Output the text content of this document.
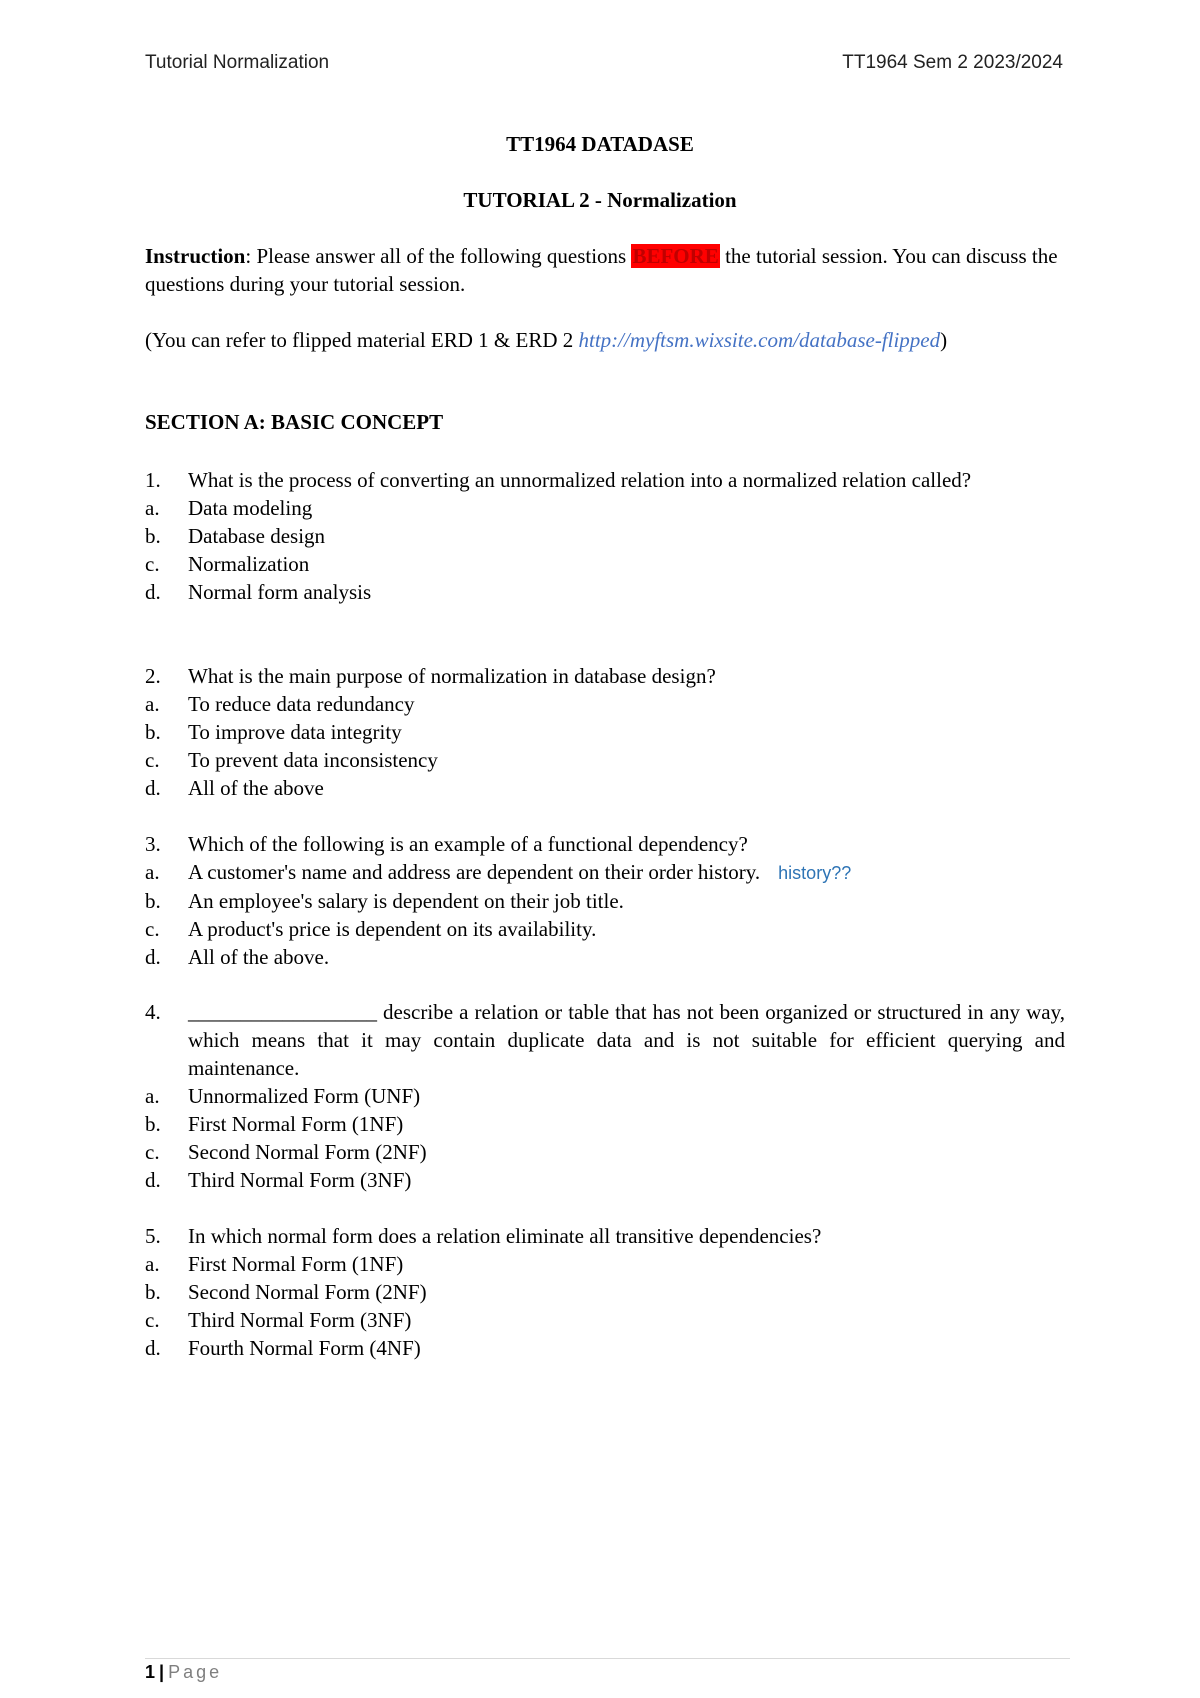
Tutorial Normalization	TT1964 Sem 2 2023/2024
TT1964 DATADASE
TUTORIAL 2 - Normalization
Instruction: Please answer all of the following questions BEFORE the tutorial session. You can discuss the questions during your tutorial session.
(You can refer to flipped material ERD 1 & ERD 2 http://myftsm.wixsite.com/database-flipped)
SECTION A: BASIC CONCEPT
1.	What is the process of converting an unnormalized relation into a normalized relation called?
a.	Data modeling
b.	Database design
c.	Normalization
d.	Normal form analysis
2.	What is the main purpose of normalization in database design?
a.	To reduce data redundancy
b.	To improve data integrity
c.	To prevent data inconsistency
d.	All of the above
3.	Which of the following is an example of a functional dependency?
a.	A customer's name and address are dependent on their order history. history??
b.	An employee's salary is dependent on their job title.
c.	A product's price is dependent on its availability.
d.	All of the above.
4.	__________________ describe a relation or table that has not been organized or structured in any way, which means that it may contain duplicate data and is not suitable for efficient querying and maintenance.
a.	Unnormalized Form (UNF)
b.	First Normal Form (1NF)
c.	Second Normal Form (2NF)
d.	Third Normal Form (3NF)
5.	In which normal form does a relation eliminate all transitive dependencies?
a.	First Normal Form (1NF)
b.	Second Normal Form (2NF)
c.	Third Normal Form (3NF)
d.	Fourth Normal Form (4NF)
1 | Page
